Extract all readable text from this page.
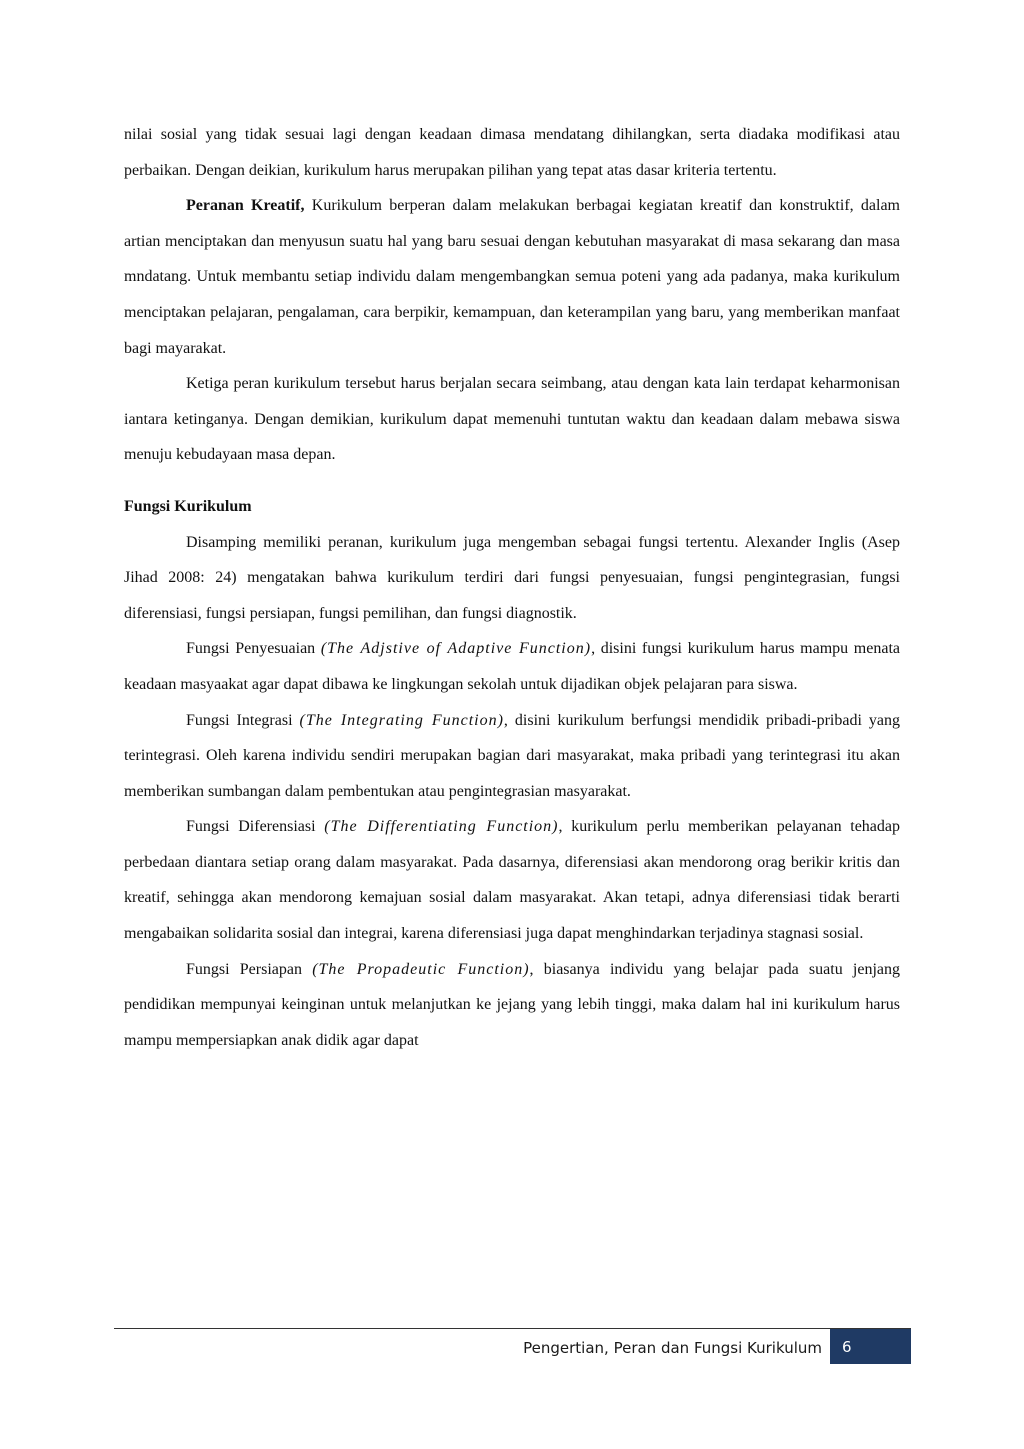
nilai sosial yang tidak sesuai lagi dengan keadaan dimasa mendatang dihilangkan, serta diadaka modifikasi atau perbaikan. Dengan deikian, kurikulum harus merupakan pilihan yang tepat atas dasar kriteria tertentu.

Peranan Kreatif, Kurikulum berperan dalam melakukan berbagai kegiatan kreatif dan konstruktif, dalam artian menciptakan dan menyusun suatu hal yang baru sesuai dengan kebutuhan masyarakat di masa sekarang dan masa mndatang. Untuk membantu setiap individu dalam mengembangkan semua poteni yang ada padanya, maka kurikulum menciptakan pelajaran, pengalaman, cara berpikir, kemampuan, dan keterampilan yang baru, yang memberikan manfaat bagi mayarakat.

Ketiga peran kurikulum tersebut harus berjalan secara seimbang, atau dengan kata lain terdapat keharmonisan iantara ketinganya. Dengan demikian, kurikulum dapat memenuhi tuntutan waktu dan keadaan dalam mebawa siswa menuju kebudayaan masa depan.

Fungsi Kurikulum

Disamping memiliki peranan, kurikulum juga mengemban sebagai fungsi tertentu. Alexander Inglis (Asep Jihad 2008: 24) mengatakan bahwa kurikulum terdiri dari fungsi penyesuaian, fungsi pengintegrasian, fungsi diferensiasi, fungsi persiapan, fungsi pemilihan, dan fungsi diagnostik.

Fungsi Penyesuaian (The Adjstive of Adaptive Function), disini fungsi kurikulum harus mampu menata keadaan masyaakat agar dapat dibawa ke lingkungan sekolah untuk dijadikan objek pelajaran para siswa.

Fungsi Integrasi (The Integrating Function), disini kurikulum berfungsi mendidik pribadi-pribadi yang terintegrasi. Oleh karena individu sendiri merupakan bagian dari masyarakat, maka pribadi yang terintegrasi itu akan memberikan sumbangan dalam pembentukan atau pengintegrasian masyarakat.

Fungsi Diferensiasi (The Differentiating Function), kurikulum perlu memberikan pelayanan tehadap perbedaan diantara setiap orang dalam masyarakat. Pada dasarnya, diferensiasi akan mendorong orag berikir kritis dan kreatif, sehingga akan mendorong kemajuan sosial dalam masyarakat. Akan tetapi, adnya diferensiasi tidak berarti mengabaikan solidarita sosial dan integrai, karena diferensiasi juga dapat menghindarkan terjadinya stagnasi sosial.

Fungsi Persiapan (The Propadeutic Function), biasanya individu yang belajar pada suatu jenjang pendidikan mempunyai keinginan untuk melanjutkan ke jejang yang lebih tinggi, maka dalam hal ini kurikulum harus mampu mempersiapkan anak didik agar dapat

Pengertian, Peran dan Fungsi Kurikulum	6
